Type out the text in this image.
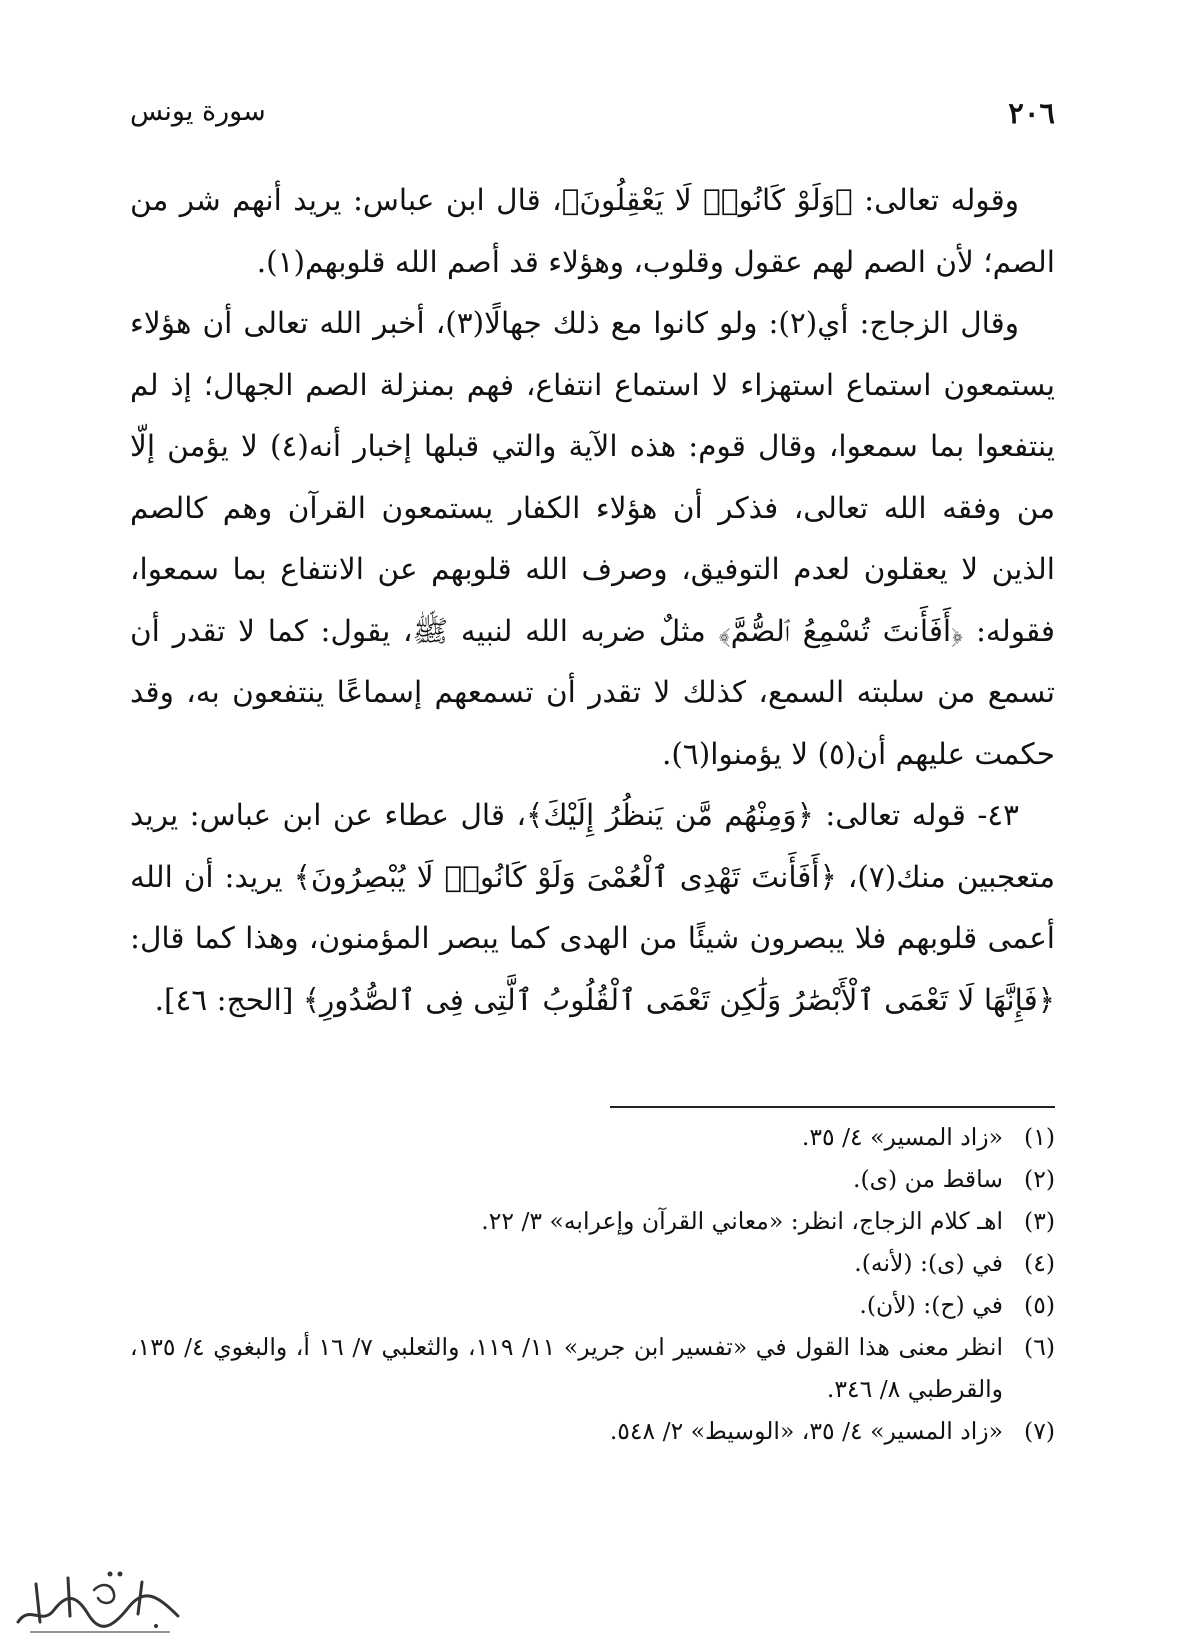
٢٠٦
سورة يونس

وقوله تعالى: ﴿وَلَوْ كَانُوا۟ لَا يَعْقِلُونَ﴾، قال ابن عباس: يريد أنهم شر من الصم؛ لأن الصم لهم عقول وقلوب، وهؤلاء قد أصم الله قلوبهم(١).

وقال الزجاج: أي(٢): ولو كانوا مع ذلك جهالًا(٣)، أخبر الله تعالى أن هؤلاء يستمعون استماع استهزاء لا استماع انتفاع، فهم بمنزلة الصم الجهال؛ إذ لم ينتفعوا بما سمعوا، وقال قوم: هذه الآية والتي قبلها إخبار أنه(٤) لا يؤمن إلّا من وفقه الله تعالى، فذكر أن هؤلاء الكفار يستمعون القرآن وهم كالصم الذين لا يعقلون لعدم التوفيق، وصرف الله قلوبهم عن الانتفاع بما سمعوا، فقوله: ﴿أَفَأَنتَ تُسْمِعُ ٱلصُّمَّ﴾ مثلٌ ضربه الله لنبيه ﷺ، يقول: كما لا تقدر أن تسمع من سلبته السمع، كذلك لا تقدر أن تسمعهم إسماعًا ينتفعون به، وقد حكمت عليهم أن(٥) لا يؤمنوا(٦).

٤٣- قوله تعالى: ﴿وَمِنْهُم مَّن يَنظُرُ إِلَيْكَ﴾، قال عطاء عن ابن عباس: يريد متعجبين منك(٧)، ﴿أَفَأَنتَ تَهْدِى ٱلْعُمْىَ وَلَوْ كَانُوا۟ لَا يُبْصِرُونَ﴾ يريد: أن الله أعمى قلوبهم فلا يبصرون شيئًا من الهدى كما يبصر المؤمنون، وهذا كما قال: ﴿فَإِنَّهَا لَا تَعْمَى ٱلْأَبْصَٰرُ وَلَٰكِن تَعْمَى ٱلْقُلُوبُ ٱلَّتِى فِى ٱلصُّدُورِ﴾ [الحج: ٤٦].

(١)
«زاد المسير» ٤/ ٣٥.
(٢)
ساقط من (ى).
(٣)
اهـ كلام الزجاج، انظر: «معاني القرآن وإعرابه» ٣/ ٢٢.
(٤)
في (ى): (لأنه).
(٥)
في (ح): (لأن).
(٦)
انظر معنى هذا القول في «تفسير ابن جرير» ١١/ ١١٩، والثعلبي ٧/ ١٦ أ، والبغوي ٤/ ١٣٥، والقرطبي ٨/ ٣٤٦.
(٧)
«زاد المسير» ٤/ ٣٥، «الوسيط» ٢/ ٥٤٨.
